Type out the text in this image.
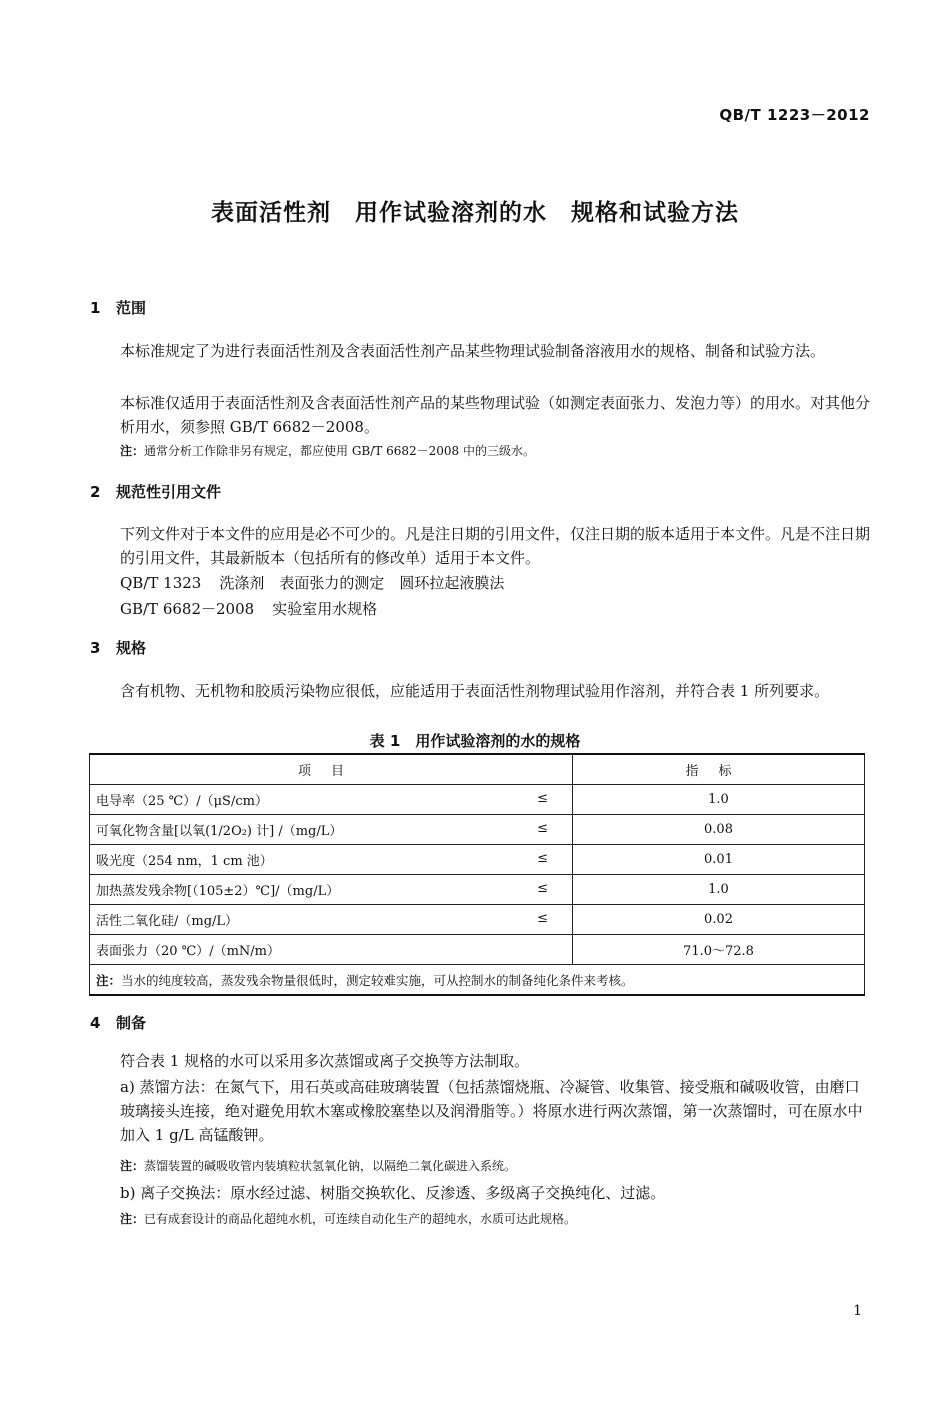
QB/T 1223－2012
表面活性剂　用作试验溶剂的水　规格和试验方法
1 范围
本标准规定了为进行表面活性剂及含表面活性剂产品某些物理试验制备溶液用水的规格、制备和试验方法。
本标准仅适用于表面活性剂及含表面活性剂产品的某些物理试验（如测定表面张力、发泡力等）的用水。对其他分析用水，须参照 GB/T 6682－2008。
注：通常分析工作除非另有规定，都应使用 GB/T 6682－2008 中的三级水。
2 规范性引用文件
下列文件对于本文件的应用是必不可少的。凡是注日期的引用文件，仅注日期的版本适用于本文件。凡是不注日期的引用文件，其最新版本（包括所有的修改单）适用于本文件。
QB/T 1323 洗涤剂　表面张力的测定　圆环拉起液膜法
GB/T 6682－2008 实验室用水规格
3 规格
含有机物、无机物和胶质污染物应很低，应能适用于表面活性剂物理试验用作溶剂，并符合表 1 所列要求。
表 1　用作试验溶剂的水的规格
项目	指标
电导率（25 ℃）/（μS/cm） ≤	1.0
可氧化物含量[以氧(1/2O₂) 计] /（mg/L） ≤	0.08
吸光度（254 nm，1 cm 池） ≤	0.01
加热蒸发残余物[（105±2）℃]/（mg/L） ≤	1.0
活性二氧化硅/（mg/L） ≤	0.02
表面张力（20 ℃）/（mN/m）	71.0～72.8
注：当水的纯度较高，蒸发残余物量很低时，测定较难实施，可从控制水的制备纯化条件来考核。	
4 制备
符合表 1 规格的水可以采用多次蒸馏或离子交换等方法制取。
a) 蒸馏方法：在氮气下，用石英或高硅玻璃装置（包括蒸馏烧瓶、冷凝管、收集管、接受瓶和碱吸收管，由磨口玻璃接头连接，绝对避免用软木塞或橡胶塞垫以及润滑脂等。）将原水进行两次蒸馏，第一次蒸馏时，可在原水中加入 1 g/L 高锰酸钾。
注：蒸馏装置的碱吸收管内装填粒状氢氧化钠，以隔绝二氧化碳进入系统。
b) 离子交换法：原水经过滤、树脂交换软化、反渗透、多级离子交换纯化、过滤。
注：已有成套设计的商品化超纯水机，可连续自动化生产的超纯水，水质可达此规格。
1
